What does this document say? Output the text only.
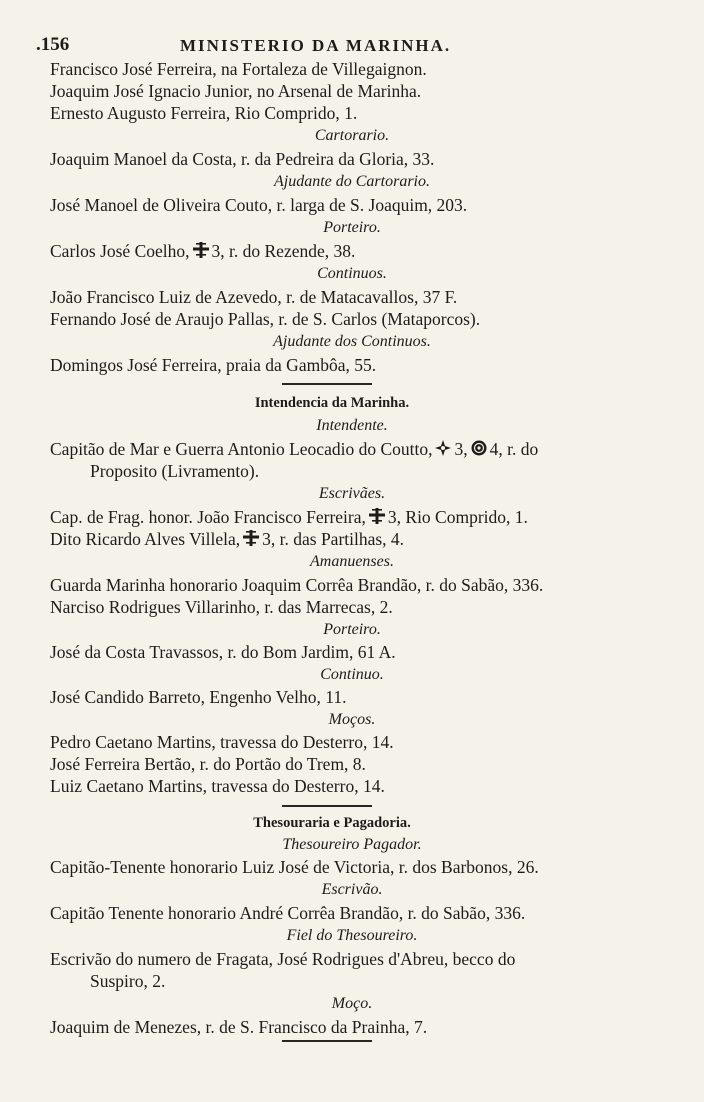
.156	MINISTERIO DA MARINHA.
Francisco José Ferreira, na Fortaleza de Villegaignon.
Joaquim José Ignacio Junior, no Arsenal de Marinha.
Ernesto Augusto Ferreira, Rio Comprido, 1.
Cartorario.
Joaquim Manoel da Costa, r. da Pedreira da Gloria, 33.
Ajudante do Cartorario.
José Manoel de Oliveira Couto, r. larga de S. Joaquim, 203.
Porteiro.
Carlos José Coelho, 3, r. do Rezende, 38.
Continuos.
João Francisco Luiz de Azevedo, r. de Matacavallos, 37 F.
Fernando José de Araujo Pallas, r. de S. Carlos (Mataporcos).
Ajudante dos Continuos.
Domingos José Ferreira, praia da Gambôa, 55.
Intendencia da Marinha.
Intendente.
Capitão de Mar e Guerra Antonio Leocadio do Coutto, 3, 4, r. do
Proposito (Livramento).
Escrivães.
Cap. de Frag. honor. João Francisco Ferreira, 3, Rio Comprido, 1.
Dito Ricardo Alves Villela, 3, r. das Partilhas, 4.
Amanuenses.
Guarda Marinha honorario Joaquim Corrêa Brandão, r. do Sabão, 336.
Narciso Rodrigues Villarinho, r. das Marrecas, 2.
Porteiro.
José da Costa Travassos, r. do Bom Jardim, 61 A.
Continuo.
José Candido Barreto, Engenho Velho, 11.
Moços.
Pedro Caetano Martins, travessa do Desterro, 14.
José Ferreira Bertão, r. do Portão do Trem, 8.
Luiz Caetano Martins, travessa do Desterro, 14.
Thesouraria e Pagadoria.
Thesoureiro Pagador.
Capitão-Tenente honorario Luiz José de Victoria, r. dos Barbonos, 26.
Escrivão.
Capitão Tenente honorario André Corrêa Brandão, r. do Sabão, 336.
Fiel do Thesoureiro.
Escrivão do numero de Fragata, José Rodrigues d'Abreu, becco do
Suspiro, 2.
Moço.
Joaquim de Menezes, r. de S. Francisco da Prainha, 7.
